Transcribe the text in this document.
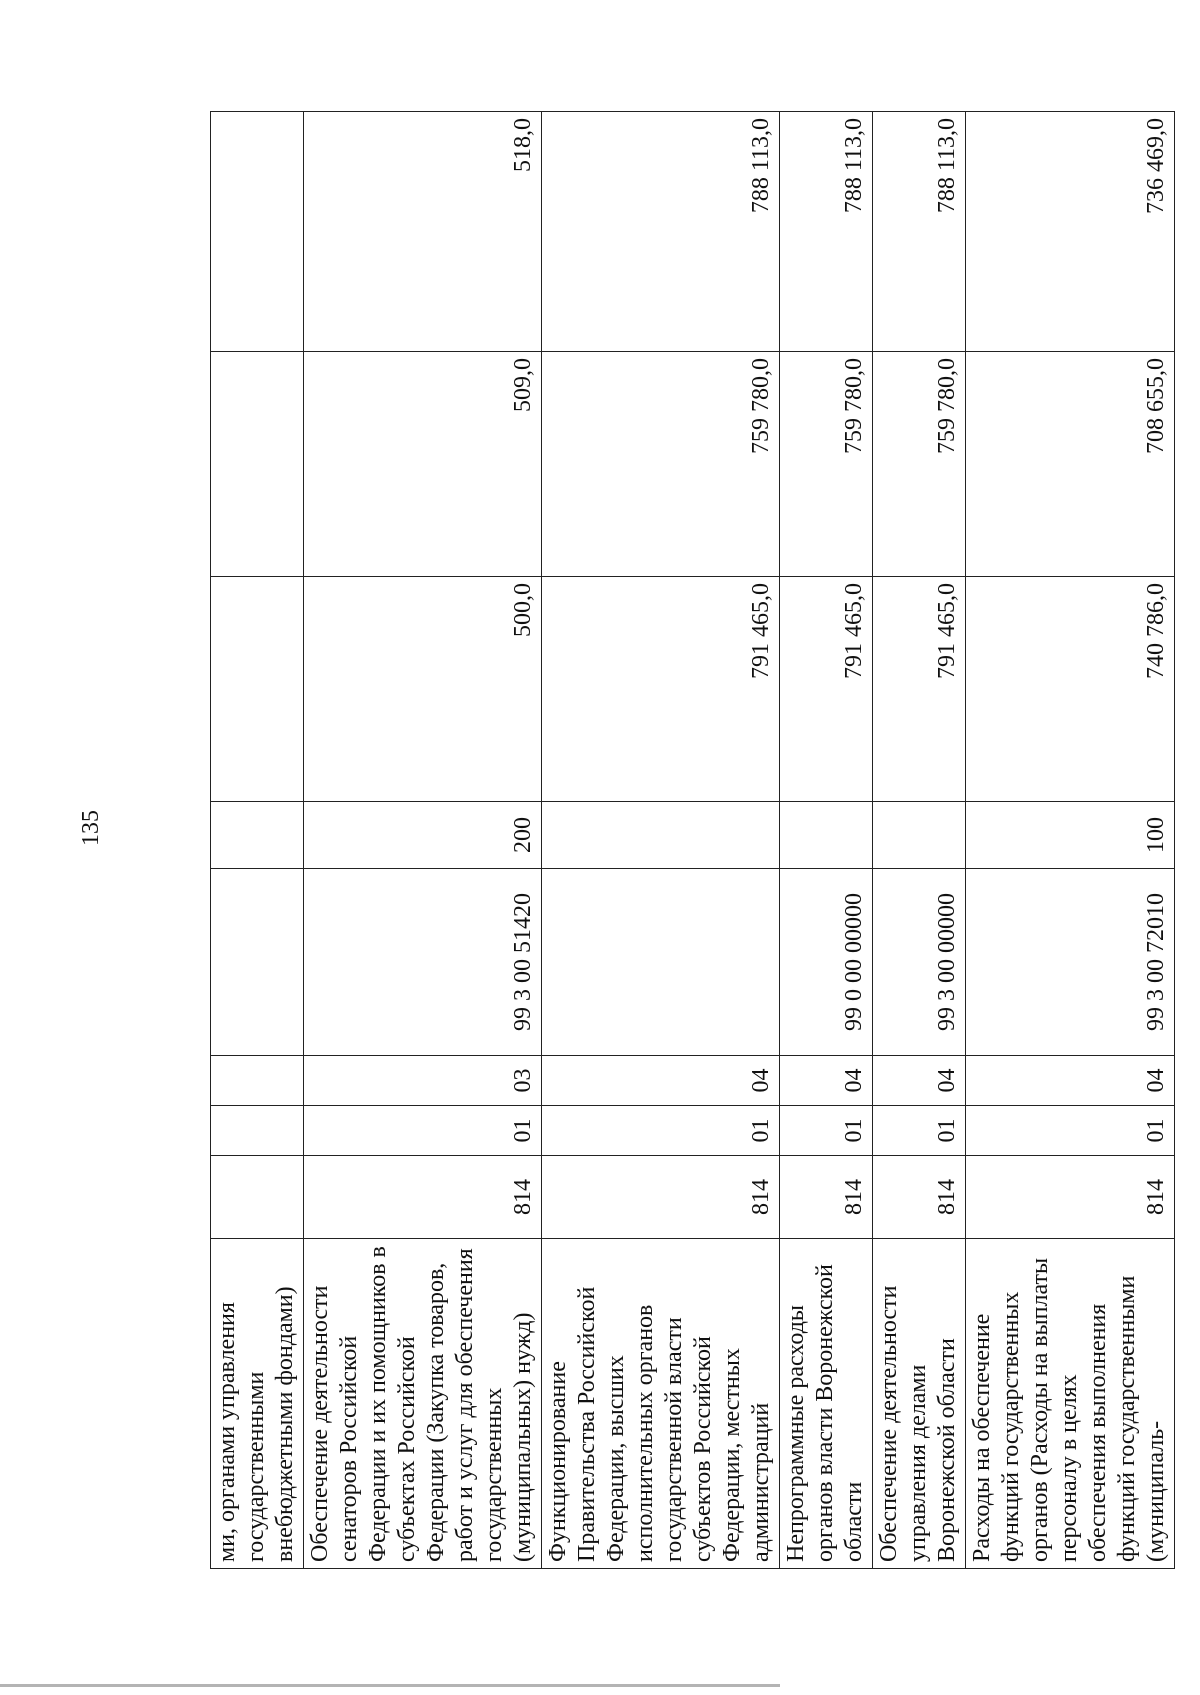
135
ми, органами управления государственными внебюджетными фондами)								
Обеспечение деятельности сенаторов Российской Федерации и их помощников в субъектах Российской Федерации (Закупка товаров, работ и услуг для обеспечения государственных (муниципальных) нужд)	814	01	03	99 3 00 51420	200	500,0	509,0	518,0
Функционирование Правительства Российской Федерации, высших исполнительных органов государственной власти субъектов Российской Федерации, местных администраций	814	01	04			791 465,0	759 780,0	788 113,0
Непрограммные расходы органов власти Воронежской области	814	01	04	99 0 00 00000		791 465,0	759 780,0	788 113,0
Обеспечение деятельности управления делами Воронежской области	814	01	04	99 3 00 00000		791 465,0	759 780,0	788 113,0
Расходы на обеспечение функций государственных органов (Расходы на выплаты персоналу в целях обеспечения выполнения функций государственными (муниципаль-	814	01	04	99 3 00 72010	100	740 786,0	708 655,0	736 469,0
